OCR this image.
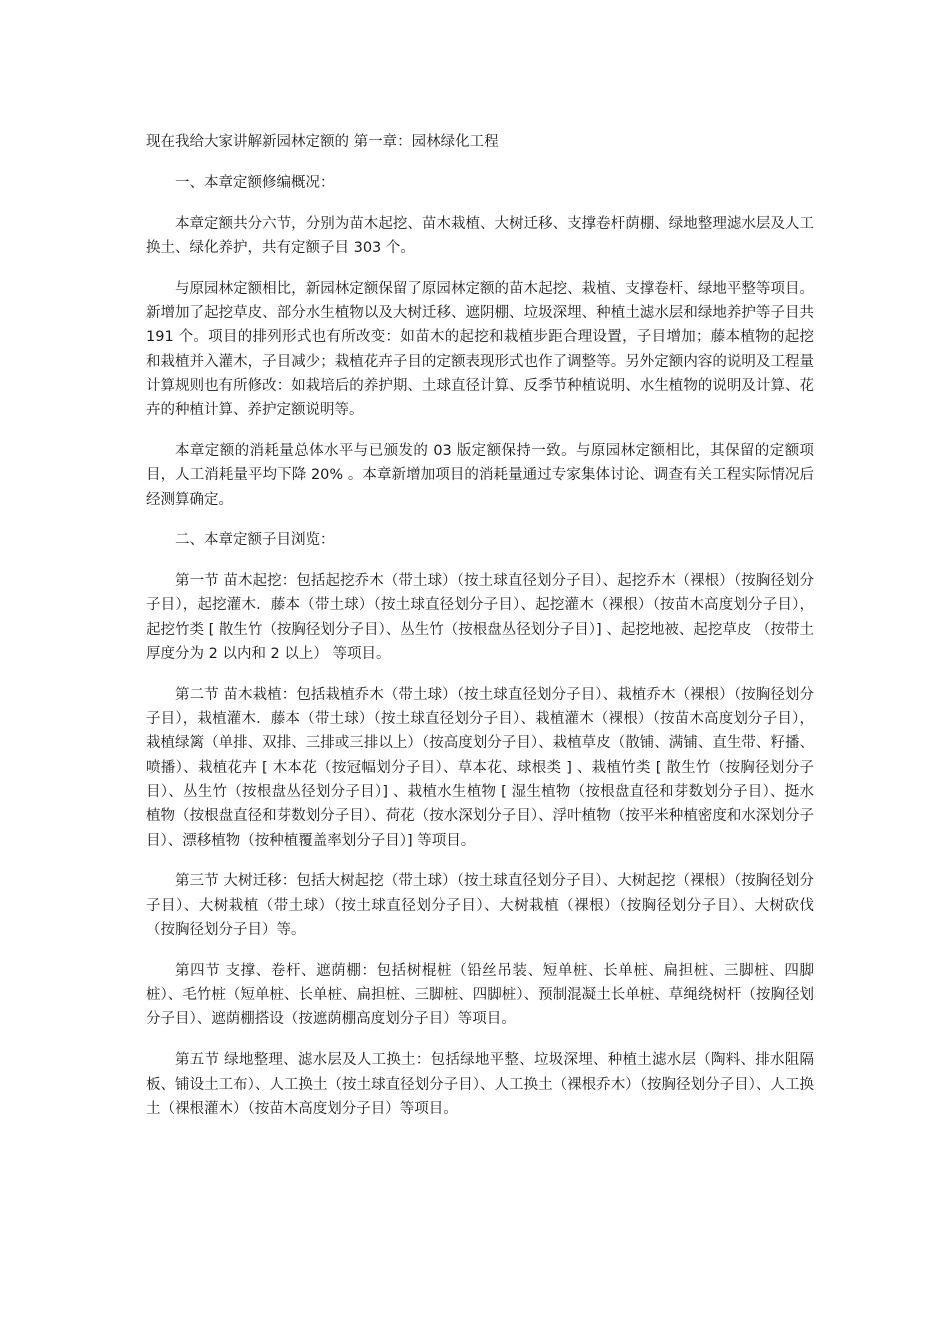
现在我给大家讲解新园林定额的 第一章：园林绿化工程

一、本章定额修编概况：

本章定额共分六节，分别为苗木起挖、苗木栽植、大树迁移、支撑卷杆荫棚、绿地整理滤水层及人工换土、绿化养护，共有定额子目 303 个。

与原园林定额相比，新园林定额保留了原园林定额的苗木起挖、栽植、支撑卷杆、绿地平整等项目。新增加了起挖草皮、部分水生植物以及大树迁移、遮阴棚、垃圾深埋、种植土滤水层和绿地养护等子目共 191 个。项目的排列形式也有所改变：如苗木的起挖和栽植步距合理设置，子目增加；藤本植物的起挖和栽植并入灌木，子目减少；栽植花卉子目的定额表现形式也作了调整等。另外定额内容的说明及工程量计算规则也有所修改：如栽培后的养护期、土球直径计算、反季节种植说明、水生植物的说明及计算、花卉的种植计算、养护定额说明等。

本章定额的消耗量总体水平与已颁发的 03 版定额保持一致。与原园林定额相比，其保留的定额项目，人工消耗量平均下降 20% 。本章新增加项目的消耗量通过专家集体讨论、调查有关工程实际情况后经测算确定。

二、本章定额子目浏览：

第一节 苗木起挖：包括起挖乔木（带土球）（按土球直径划分子目）、起挖乔木（裸根）（按胸径划分子目），起挖灌木．藤本（带土球）（按土球直径划分子目）、起挖灌木（裸根）（按苗木高度划分子目），起挖竹类 [ 散生竹（按胸径划分子目）、丛生竹（按根盘丛径划分子目）] 、起挖地被、起挖草皮 （按带土厚度分为 2 以内和 2 以上） 等项目。

第二节 苗木栽植：包括栽植乔木（带土球）（按土球直径划分子目）、栽植乔木（裸根）（按胸径划分子目），栽植灌木．藤本（带土球）（按土球直径划分子目）、栽植灌木（裸根）（按苗木高度划分子目），栽植绿篱（单排、双排、三排或三排以上）（按高度划分子目）、栽植草皮（散铺、满铺、直生带、籽播、喷播）、栽植花卉 [ 木本花（按冠幅划分子目）、草本花、球根类 ] 、栽植竹类 [ 散生竹（按胸径划分子目）、丛生竹（按根盘丛径划分子目）] 、栽植水生植物 [ 湿生植物（按根盘直径和芽数划分子目）、挺水植物（按根盘直径和芽数划分子目）、荷花（按水深划分子目）、浮叶植物（按平米种植密度和水深划分子目）、漂移植物（按种植覆盖率划分子目）] 等项目。

第三节 大树迁移：包括大树起挖（带土球）（按土球直径划分子目）、大树起挖（裸根）（按胸径划分子目）、大树栽植（带土球）（按土球直径划分子目）、大树栽植（裸根）（按胸径划分子目）、大树砍伐（按胸径划分子目）等。

第四节 支撑、卷杆、遮荫棚：包括树棍桩（铅丝吊装、短单桩、长单桩、扁担桩、三脚桩、四脚桩）、毛竹桩（短单桩、长单桩、扁担桩、三脚桩、四脚桩）、预制混凝土长单桩、草绳绕树杆（按胸径划分子目）、遮荫棚搭设（按遮荫棚高度划分子目）等项目。

第五节 绿地整理、滤水层及人工换土：包括绿地平整、垃圾深埋、种植土滤水层（陶料、排水阻隔板、铺设土工布）、人工换土（按土球直径划分子目）、人工换土（裸根乔木）（按胸径划分子目）、人工换土（裸根灌木）（按苗木高度划分子目）等项目。
